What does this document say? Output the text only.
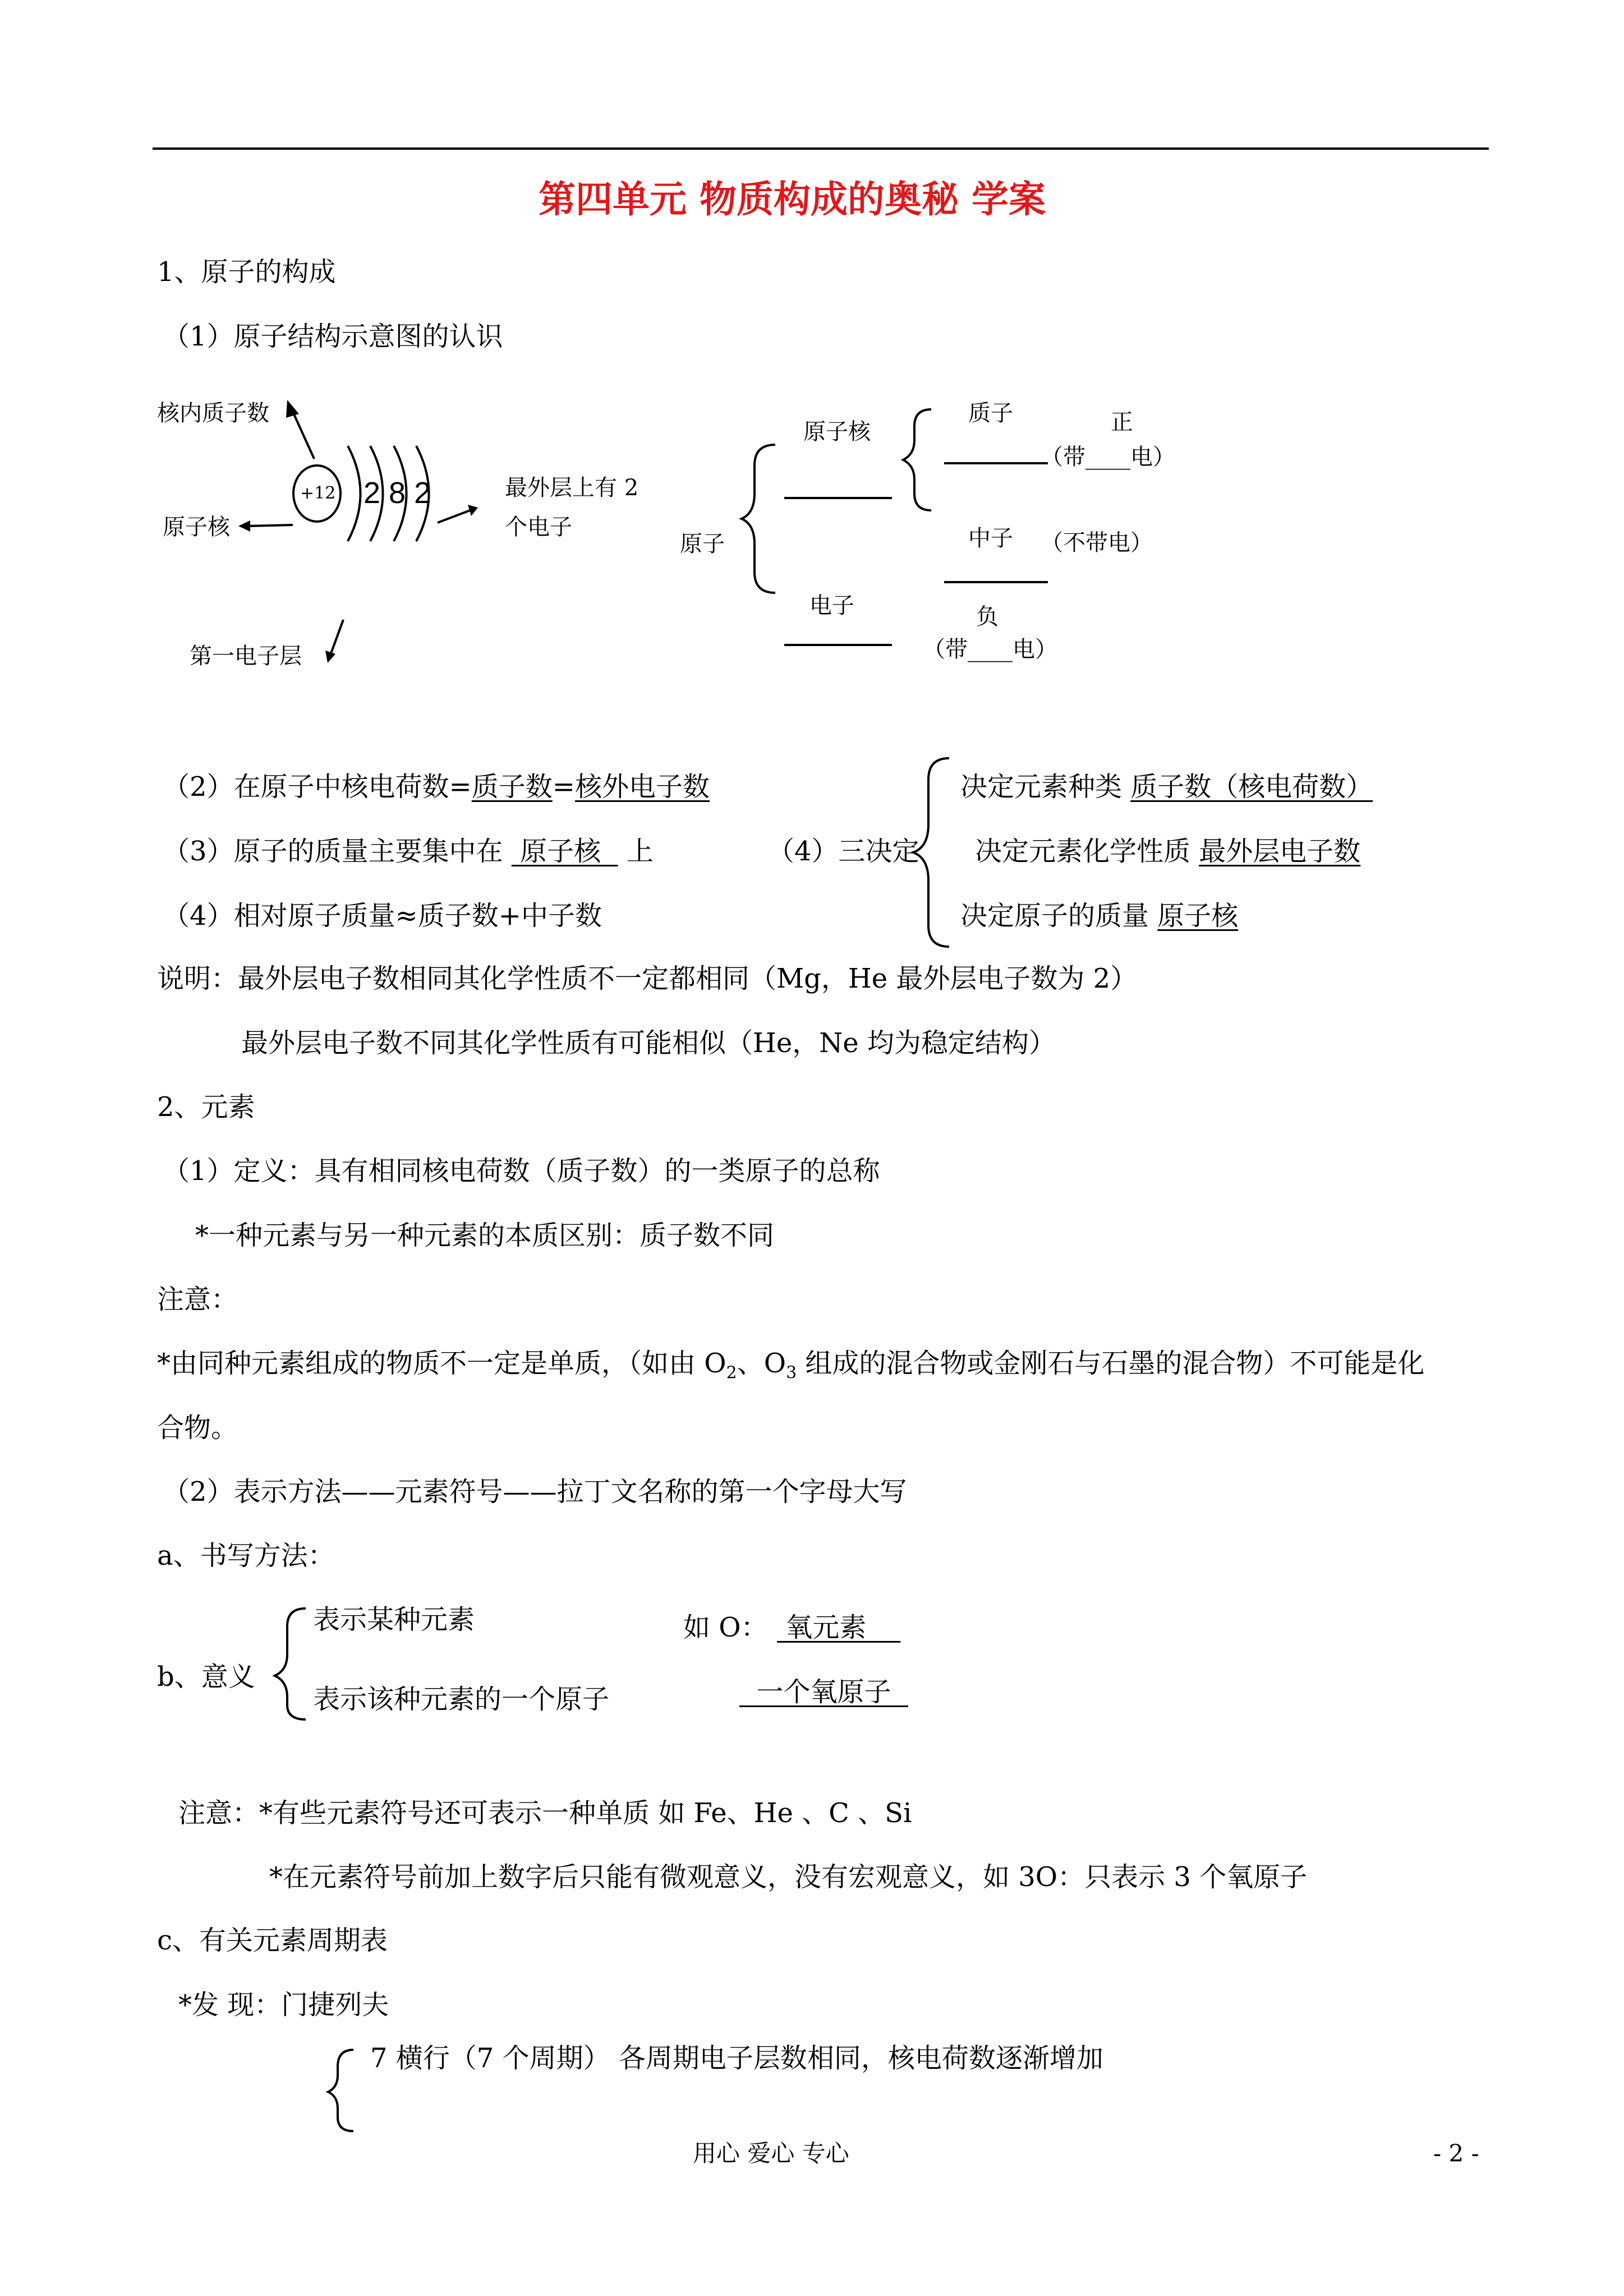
第四单元 物质构成的奥秘 学案
1、原子的构成
（1）原子结构示意图的认识
核内质子数
原子核
第一电子层
+12 2 8 2	最外层上有 2
个电子
原子
原子核
质子	正
（带____电）
中子 （不带电）
电子	负
（带____电）
（2）在原子中核电荷数=质子数=核外电子数
（3）原子的质量主要集中在  原子核   上
（4）相对原子质量≈质子数+中子数
（4）三决定
决定元素种类 质子数（核电荷数）
决定元素化学性质 最外层电子数
决定原子的质量 原子核
说明：最外层电子数相同其化学性质不一定都相同（Mg，He 最外层电子数为 2）
最外层电子数不同其化学性质有可能相似（He，Ne 均为稳定结构）
2、元素
（1）定义：具有相同核电荷数（质子数）的一类原子的总称
*一种元素与另一种元素的本质区别：质子数不同
注意：
*由同种元素组成的物质不一定是单质，（如由 $O_2$、$O_3$ 组成的混合物或金刚石与石墨的混合物）不可能是化
合物。
（2）表示方法——元素符号——拉丁文名称的第一个字母大写
a、书写方法：
b、意义
表示某种元素
表示该种元素的一个原子
如 O： 氧元素
一个氧原子
注意：*有些元素符号还可表示一种单质 如 Fe、He 、C 、Si
*在元素符号前加上数字后只能有微观意义，没有宏观意义，如 3O：只表示 3 个氧原子
c、有关元素周期表
*发 现：门捷列夫
7 横行（7 个周期） 各周期电子层数相同，核电荷数逐渐增加
用心 爱心 专心	- 2 -
